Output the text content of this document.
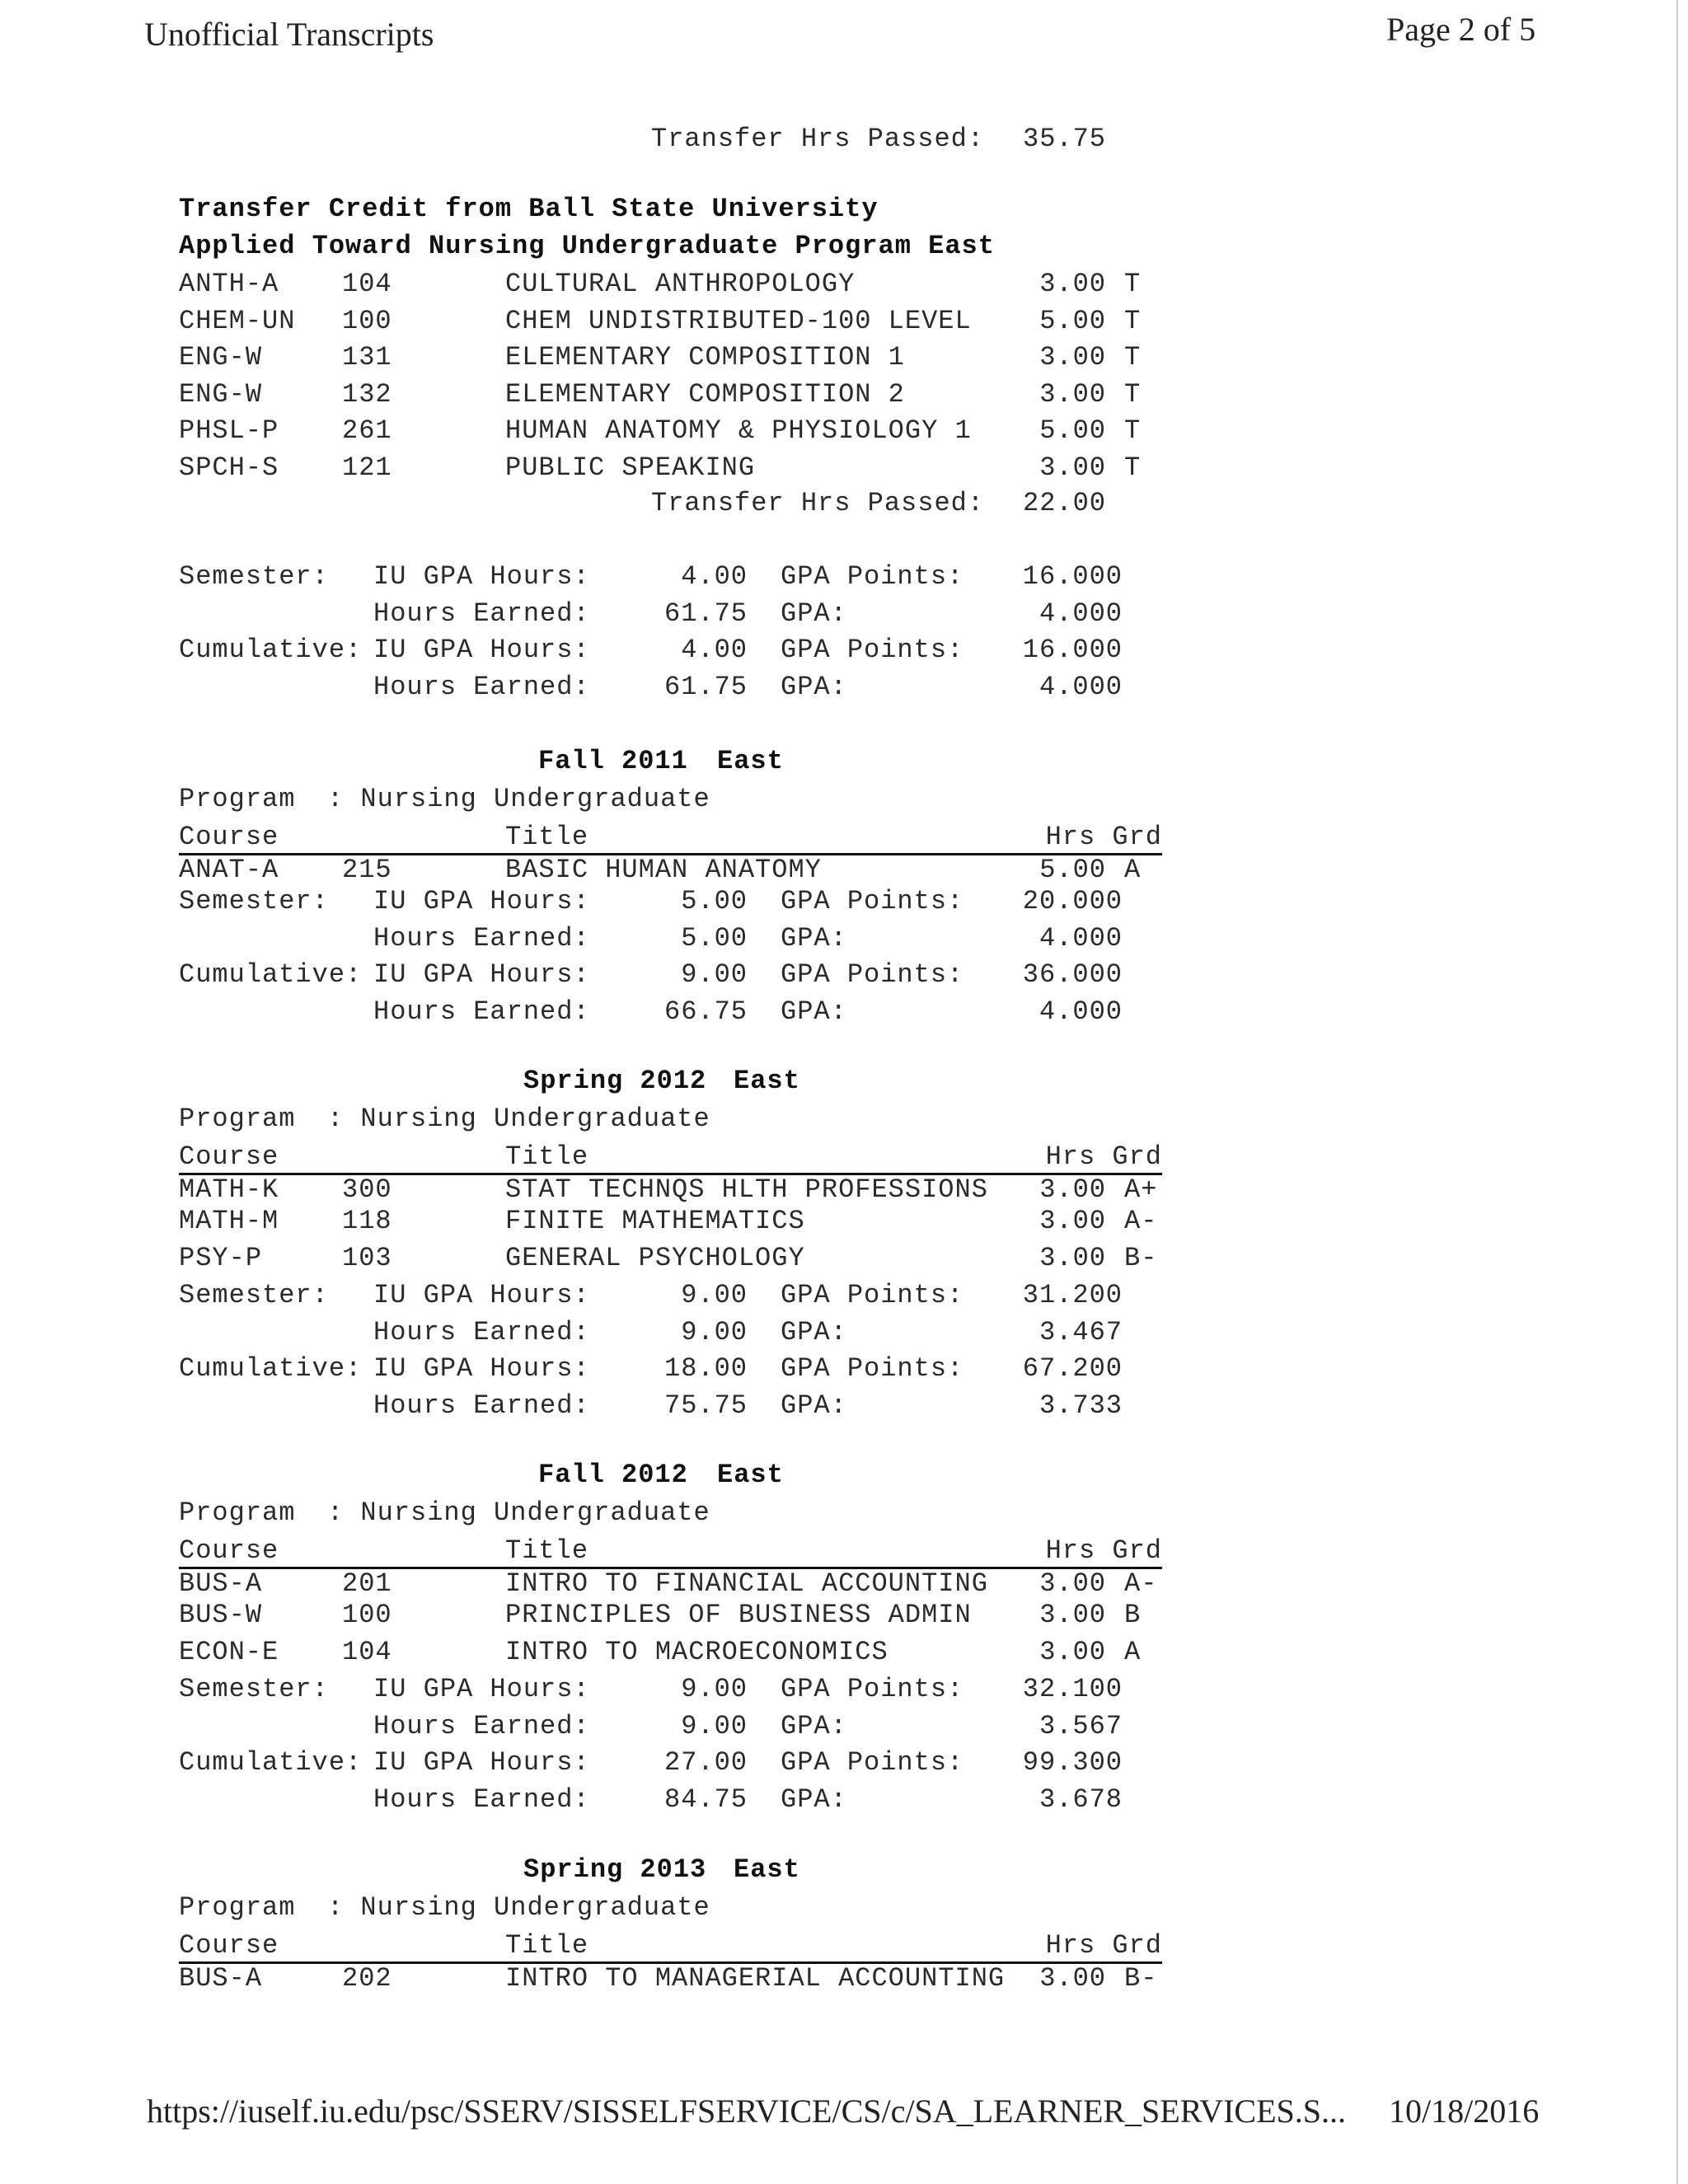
Unofficial Transcripts	Page 2 of 5
Transfer Hrs Passed:	35.75
Transfer Credit from Ball State University
Applied Toward Nursing Undergraduate Program East
ANTH-A 104	CULTURAL ANTHROPOLOGY	3.00 T
CHEM-UN 100	CHEM UNDISTRIBUTED-100 LEVEL	5.00 T
ENG-W	131	ELEMENTARY COMPOSITION 1	3.00 T
ENG-W	132	ELEMENTARY COMPOSITION 2	3.00 T
PHSL-P 261	HUMAN ANATOMY & PHYSIOLOGY 1	5.00 T
SPCH-S 121	PUBLIC SPEAKING	3.00 T
Transfer Hrs Passed:	22.00
Semester: IU GPA Hours:	4.00 GPA Points:	16.000
Hours Earned:	61.75 GPA:	4.000
Cumulative: IU GPA Hours:	4.00 GPA Points:	16.000
Hours Earned:	61.75 GPA:	4.000
Fall 2011 East
Program : Nursing Undergraduate
Course	Title	Hrs Grd
ANAT-A 215	BASIC HUMAN ANATOMY	5.00 A
Semester: IU GPA Hours:	5.00 GPA Points:	20.000
Hours Earned:	5.00 GPA:	4.000
Cumulative: IU GPA Hours:	9.00 GPA Points:	36.000
Hours Earned:	66.75 GPA:	4.000
Spring 2012 East
Program : Nursing Undergraduate
Course	Title	Hrs Grd
MATH-K 300	STAT TECHNQS HLTH PROFESSIONS	3.00 A+
MATH-M 118	FINITE MATHEMATICS	3.00 A-
PSY-P	103	GENERAL PSYCHOLOGY	3.00 B-
Semester: IU GPA Hours:	9.00 GPA Points:	31.200
Hours Earned:	9.00 GPA:	3.467
Cumulative: IU GPA Hours:	18.00 GPA Points:	67.200
Hours Earned:	75.75 GPA:	3.733
Fall 2012 East
Program : Nursing Undergraduate
Course	Title	Hrs Grd
BUS-A	201	INTRO TO FINANCIAL ACCOUNTING	3.00 A-
BUS-W	100	PRINCIPLES OF BUSINESS ADMIN	3.00 B
ECON-E 104	INTRO TO MACROECONOMICS	3.00 A
Semester: IU GPA Hours:	9.00 GPA Points:	32.100
Hours Earned:	9.00 GPA:	3.567
Cumulative: IU GPA Hours:	27.00 GPA Points:	99.300
Hours Earned:	84.75 GPA:	3.678
Spring 2013 East
Program : Nursing Undergraduate
Course	Title	Hrs Grd
BUS-A	202	INTRO TO MANAGERIAL ACCOUNTING	3.00 B-
https://iuself.iu.edu/psc/SSERV/SISSELFSERVICE/CS/c/SA_LEARNER_SERVICES.S... 10/18/2016
